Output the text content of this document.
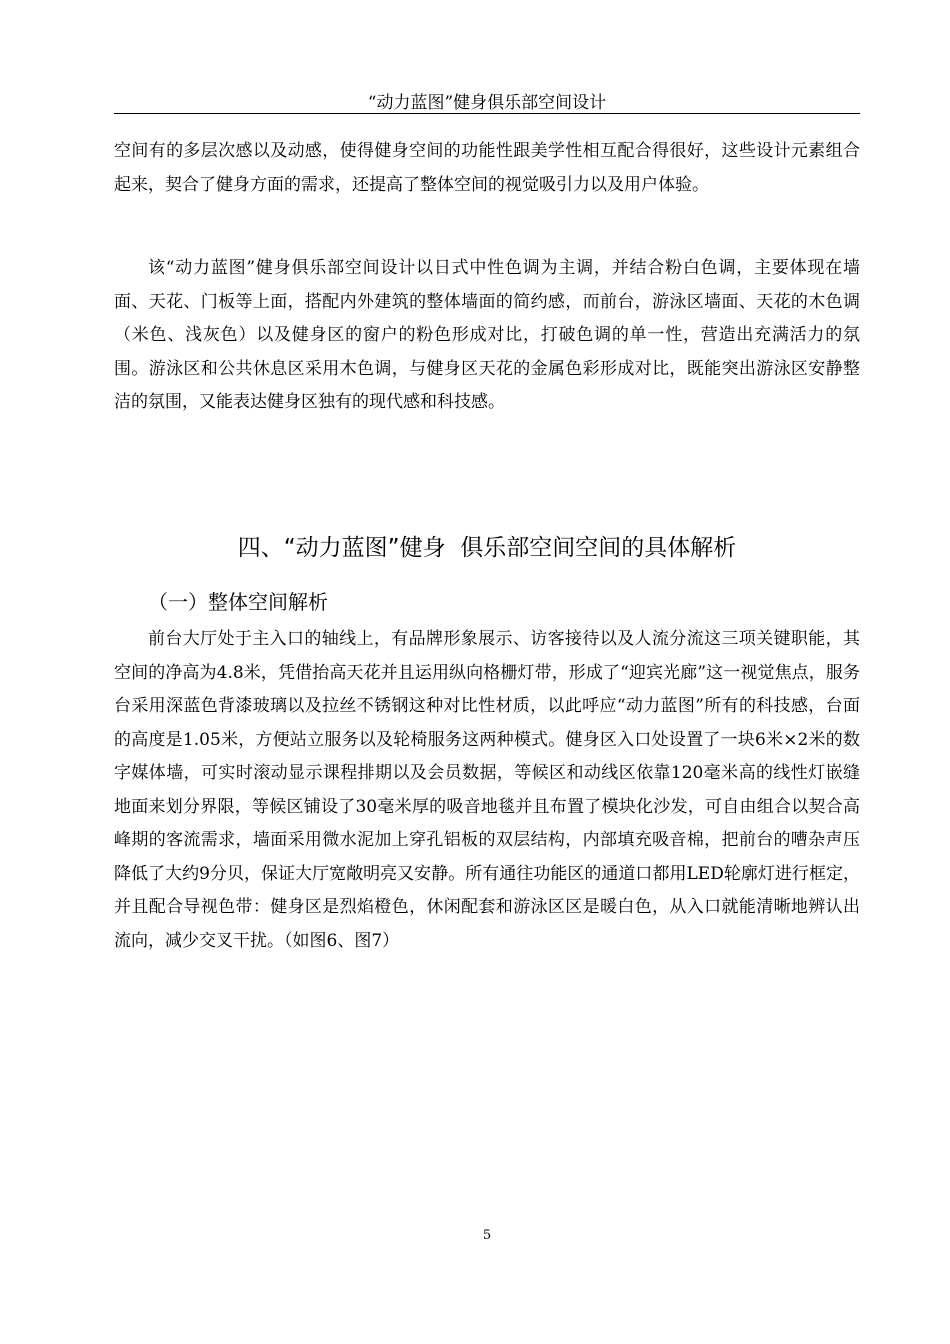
“动力蓝图”健身俱乐部空间设计

空间有的多层次感以及动感，使得健身空间的功能性跟美学性相互配合得很好，这些设计元素组合起来，契合了健身方面的需求，还提高了整体空间的视觉吸引力以及用户体验。

该“动力蓝图”健身俱乐部空间设计以日式中性色调为主调，并结合粉白色调，主要体现在墙面、天花、门板等上面，搭配内外建筑的整体墙面的简约感，而前台，游泳区墙面、天花的木色调（米色、浅灰色）以及健身区的窗户的粉色形成对比，打破色调的单一性，营造出充满活力的氛围。游泳区和公共休息区采用木色调，与健身区天花的金属色彩形成对比，既能突出游泳区安静整洁的氛围，又能表达健身区独有的现代感和科技感。

四、“动力蓝图”健身  俱乐部空间空间的具体解析
（一）整体空间解析

前台大厅处于主入口的轴线上，有品牌形象展示、访客接待以及人流分流这三项关键职能，其空间的净高为4.8米，凭借抬高天花并且运用纵向格栅灯带，形成了“迎宾光廊”这一视觉焦点，服务台采用深蓝色背漆玻璃以及拉丝不锈钢这种对比性材质，以此呼应“动力蓝图”所有的科技感，台面的高度是1.05米，方便站立服务以及轮椅服务这两种模式。健身区入口处设置了一块6米×2米的数字媒体墙，可实时滚动显示课程排期以及会员数据，等候区和动线区依靠120毫米高的线性灯嵌缝地面来划分界限，等候区铺设了30毫米厚的吸音地毯并且布置了模块化沙发，可自由组合以契合高峰期的客流需求，墙面采用微水泥加上穿孔铝板的双层结构，内部填充吸音棉，把前台的嘈杂声压降低了大约9分贝，保证大厅宽敞明亮又安静。所有通往功能区的通道口都用LED轮廓灯进行框定，并且配合导视色带：健身区是烈焰橙色，休闲配套和游泳区区是暖白色，从入口就能清晰地辨认出流向，减少交叉干扰。（如图6、图7）

5
